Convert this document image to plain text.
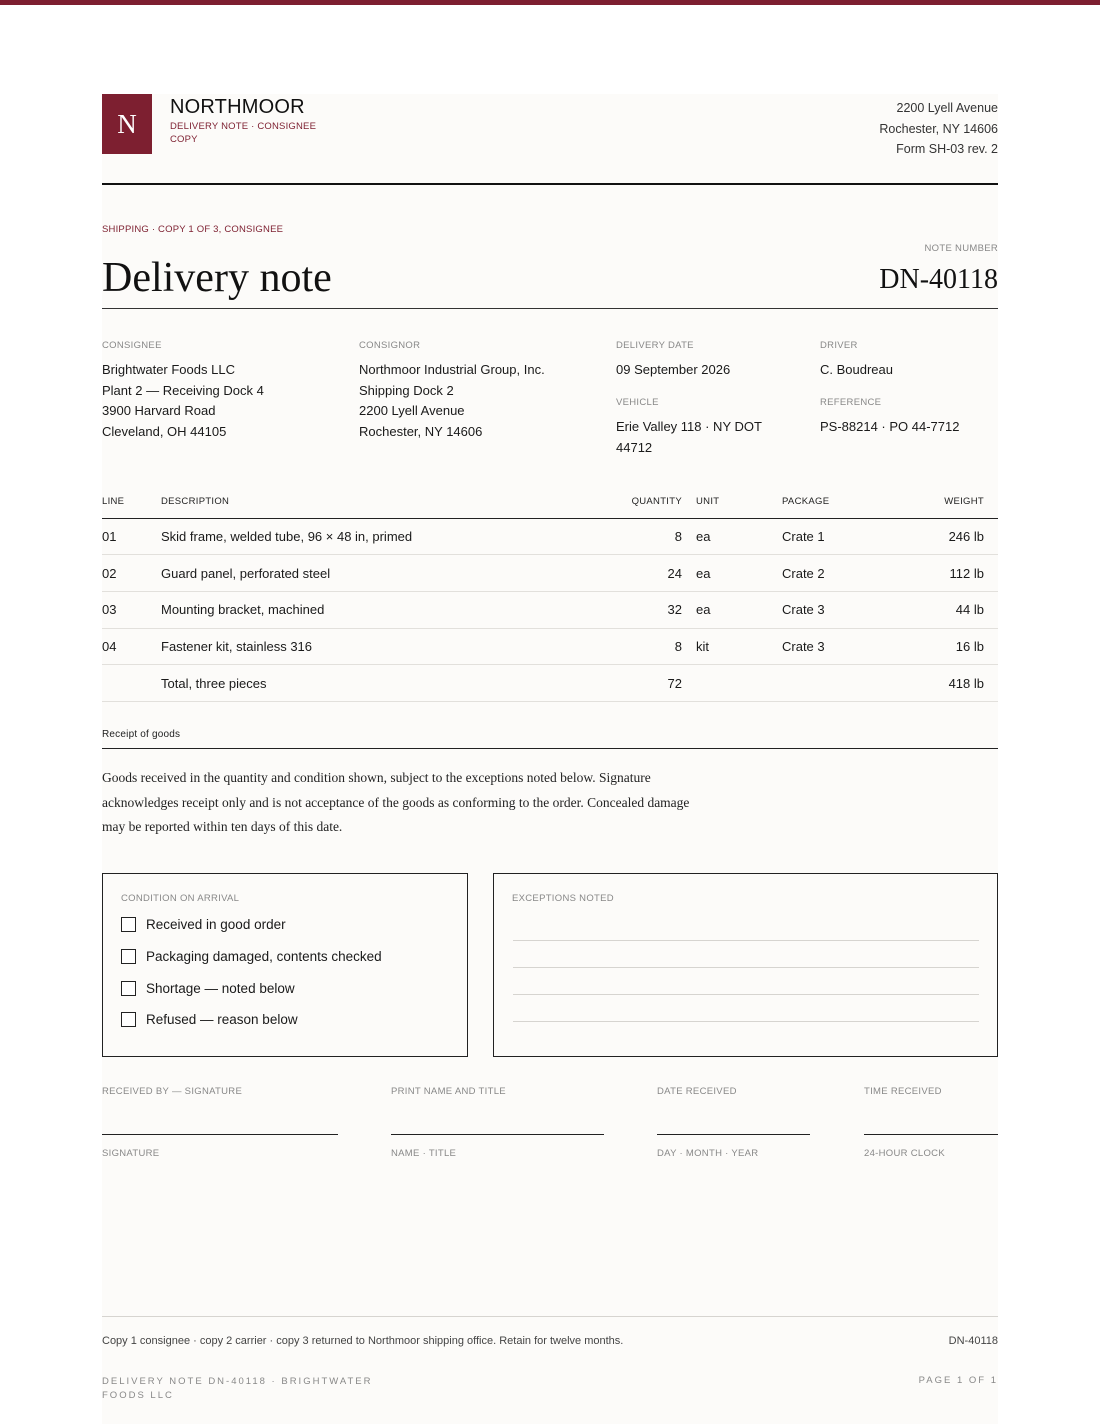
N
NORTHMOOR
DELIVERY NOTE · CONSIGNEE COPY
2200 Lyell Avenue
Rochester, NY 14606
Form SH-03 rev. 2
SHIPPING · COPY 1 OF 3, CONSIGNEE
Delivery note
NOTE NUMBER
DN-40118
CONSIGNEE
Brightwater Foods LLC
Plant 2 — Receiving Dock 4
3900 Harvard Road
Cleveland, OH 44105
CONSIGNOR
Northmoor Industrial Group, Inc.
Shipping Dock 2
2200 Lyell Avenue
Rochester, NY 14606
DELIVERY DATE
09 September 2026
VEHICLE
Erie Valley 118 · NY DOT 44712
DRIVER
C. Boudreau
REFERENCE
PS-88214 · PO 44-7712
LINE	DESCRIPTION	QUANTITY	UNIT	PACKAGE	WEIGHT
01	Skid frame, welded tube, 96 × 48 in, primed	8	ea	Crate 1	246 lb
02	Guard panel, perforated steel	24	ea	Crate 2	112 lb
03	Mounting bracket, machined	32	ea	Crate 3	44 lb
04	Fastener kit, stainless 316	8	kit	Crate 3	16 lb
	Total, three pieces	72			418 lb
Receipt of goods
Goods received in the quantity and condition shown, subject to the exceptions noted below. Signature acknowledges receipt only and is not acceptance of the goods as conforming to the order. Concealed damage may be reported within ten days of this date.
CONDITION ON ARRIVAL
Received in good order
Packaging damaged, contents checked
Shortage — noted below
Refused — reason below
EXCEPTIONS NOTED
RECEIVED BY — SIGNATURE
SIGNATURE
PRINT NAME AND TITLE
NAME · TITLE
DATE RECEIVED
DAY · MONTH · YEAR
TIME RECEIVED
24-HOUR CLOCK
Copy 1 consignee · copy 2 carrier · copy 3 returned to Northmoor shipping office. Retain for twelve months.	DN-40118
DELIVERY NOTE DN-40118 · BRIGHTWATER FOODS LLC
PAGE 1 OF 1
